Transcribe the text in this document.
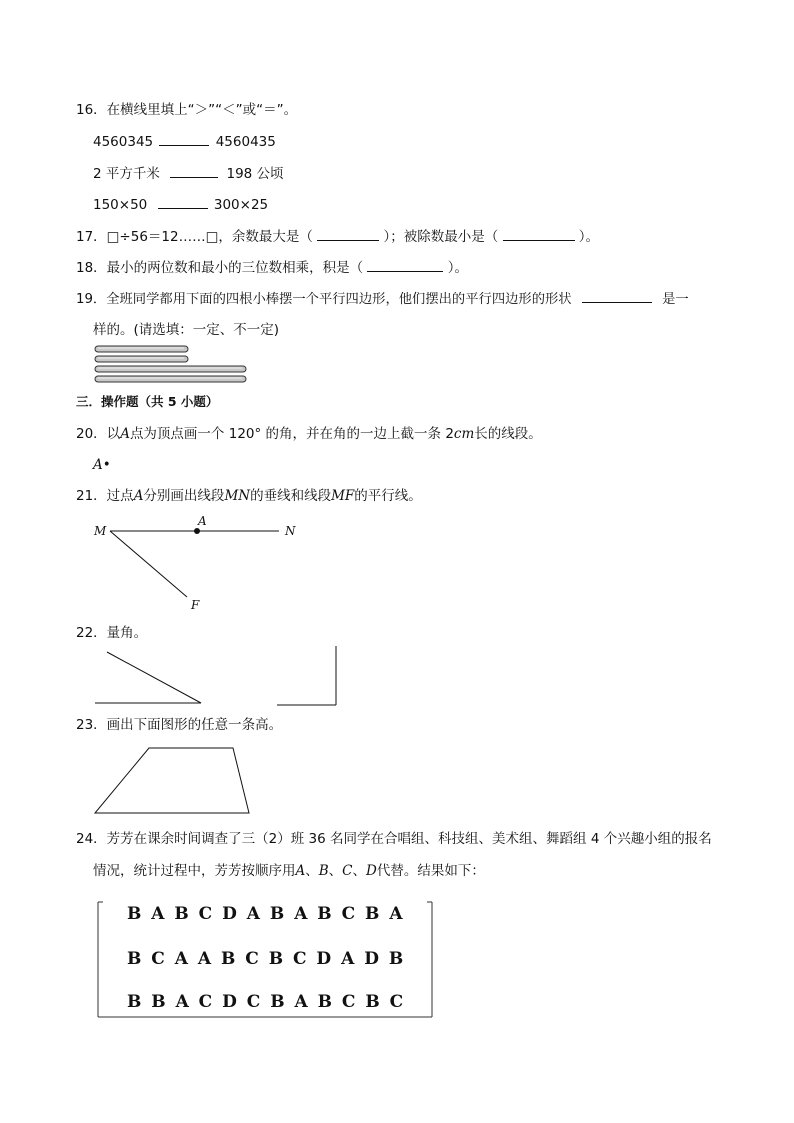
16．在横线里填上“＞”“＜”或“＝”。
4560345	4560435
2 平方千米	198 公顷
150×50	300×25
17．□÷56＝12……□，余数最大是（	）；被除数最小是（	）。
18．最小的两位数和最小的三位数相乘，积是（	）。
19．全班同学都用下面的四根小棒摆一个平行四边形，他们摆出的平行四边形的形状	是一
样的。(请选填：一定、不一定)
三．操作题（共 5 小题）
20．以A点为顶点画一个 120° 的角，并在角的一边上截一条 2cm长的线段。
A•
21．过点A分别画出线段MN的垂线和线段MF的平行线。
M
A
N
F
22．量角。
23．画出下面图形的任意一条高。
24．芳芳在课余时间调查了三（2）班 36 名同学在合唱组、科技组、美术组、舞蹈组 4 个兴趣小组的报名
情况，统计过程中，芳芳按顺序用A、B、C、D代替。结果如下：
B A B C D A B A B C B A
B C A A B C B C D A D B
B B A C D C B A B C B C
